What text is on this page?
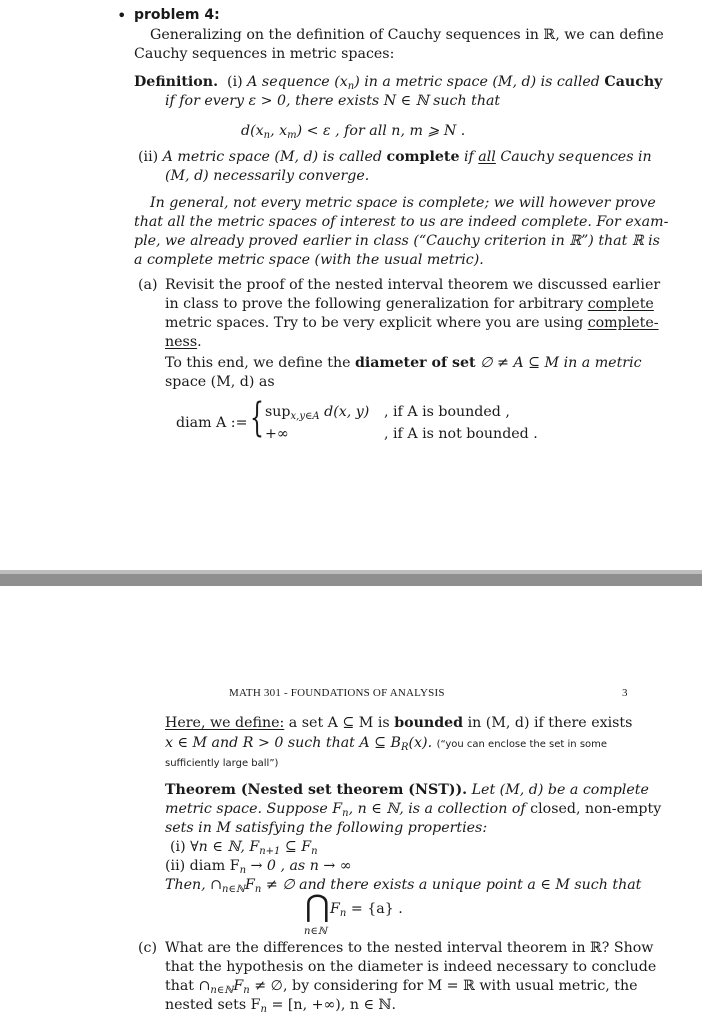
• problem 4:
Generalizing on the definition of Cauchy sequences in ℝ, we can define
Cauchy sequences in metric spaces:
Definition. (i) A sequence $(x_n)$ in a metric space (M, d) is called Cauchy
if for every ε > 0, there exists N ∈ ℕ such that
$d(x_n$, $x_m) < \varepsilon$ , for all n, m ⩾ N .
(ii) A metric space (M, d) is called complete if all Cauchy sequences in
(M, d) necessarily converge.
In general, not every metric space is complete; we will however prove
that all the metric spaces of interest to us are indeed complete. For exam-
ple, we already proved earlier in class (“Cauchy criterion in ℝ”) that ℝ is
a complete metric space (with the usual metric).
(a) Revisit the proof of the nested interval theorem we discussed earlier
in class to prove the following generalization for arbitrary complete
metric spaces. Try to be very explicit where you are using complete-
ness.
To this end, we define the diameter of set ∅ ≠ A ⊆ M in a metric
space (M, d) as
diam A := { sup$_{x,y\in A}$ d(x, y) , if A is bounded ,
+∞	, if A is not bounded .
MATH 301 - FOUNDATIONS OF ANALYSIS	3
Here, we define: a set A ⊆ M is bounded in (M, d) if there exists
x ∈ M and R > 0 such that A ⊆ $B_R(x)$. (“you can enclose the set in some
sufficiently large ball”)
Theorem (Nested set theorem (NST)). Let (M, d) be a complete
metric space. Suppose $F_n$, n ∈ ℕ, is a collection of closed, non-empty
sets in M satisfying the following properties:
(i) ∀n ∈ ℕ, $F_{n+1}$ ⊆ $F_n$
(ii) diam $F_n \to 0$ , as n → ∞
Then, $\cap_{n\in ℕ}F_n$ ≠ ∅ and there exists a unique point a ∈ M such that
⋂ $F_n = \{a\}$ .
n∈ℕ
(c) What are the differences to the nested interval theorem in ℝ? Show
that the hypothesis on the diameter is indeed necessary to conclude
that $\cap_{n\in ℕ}F_n$ ≠ ∅, by considering for M = ℝ with usual metric, the
nested sets $F_n = [n$, +∞), n ∈ ℕ.
